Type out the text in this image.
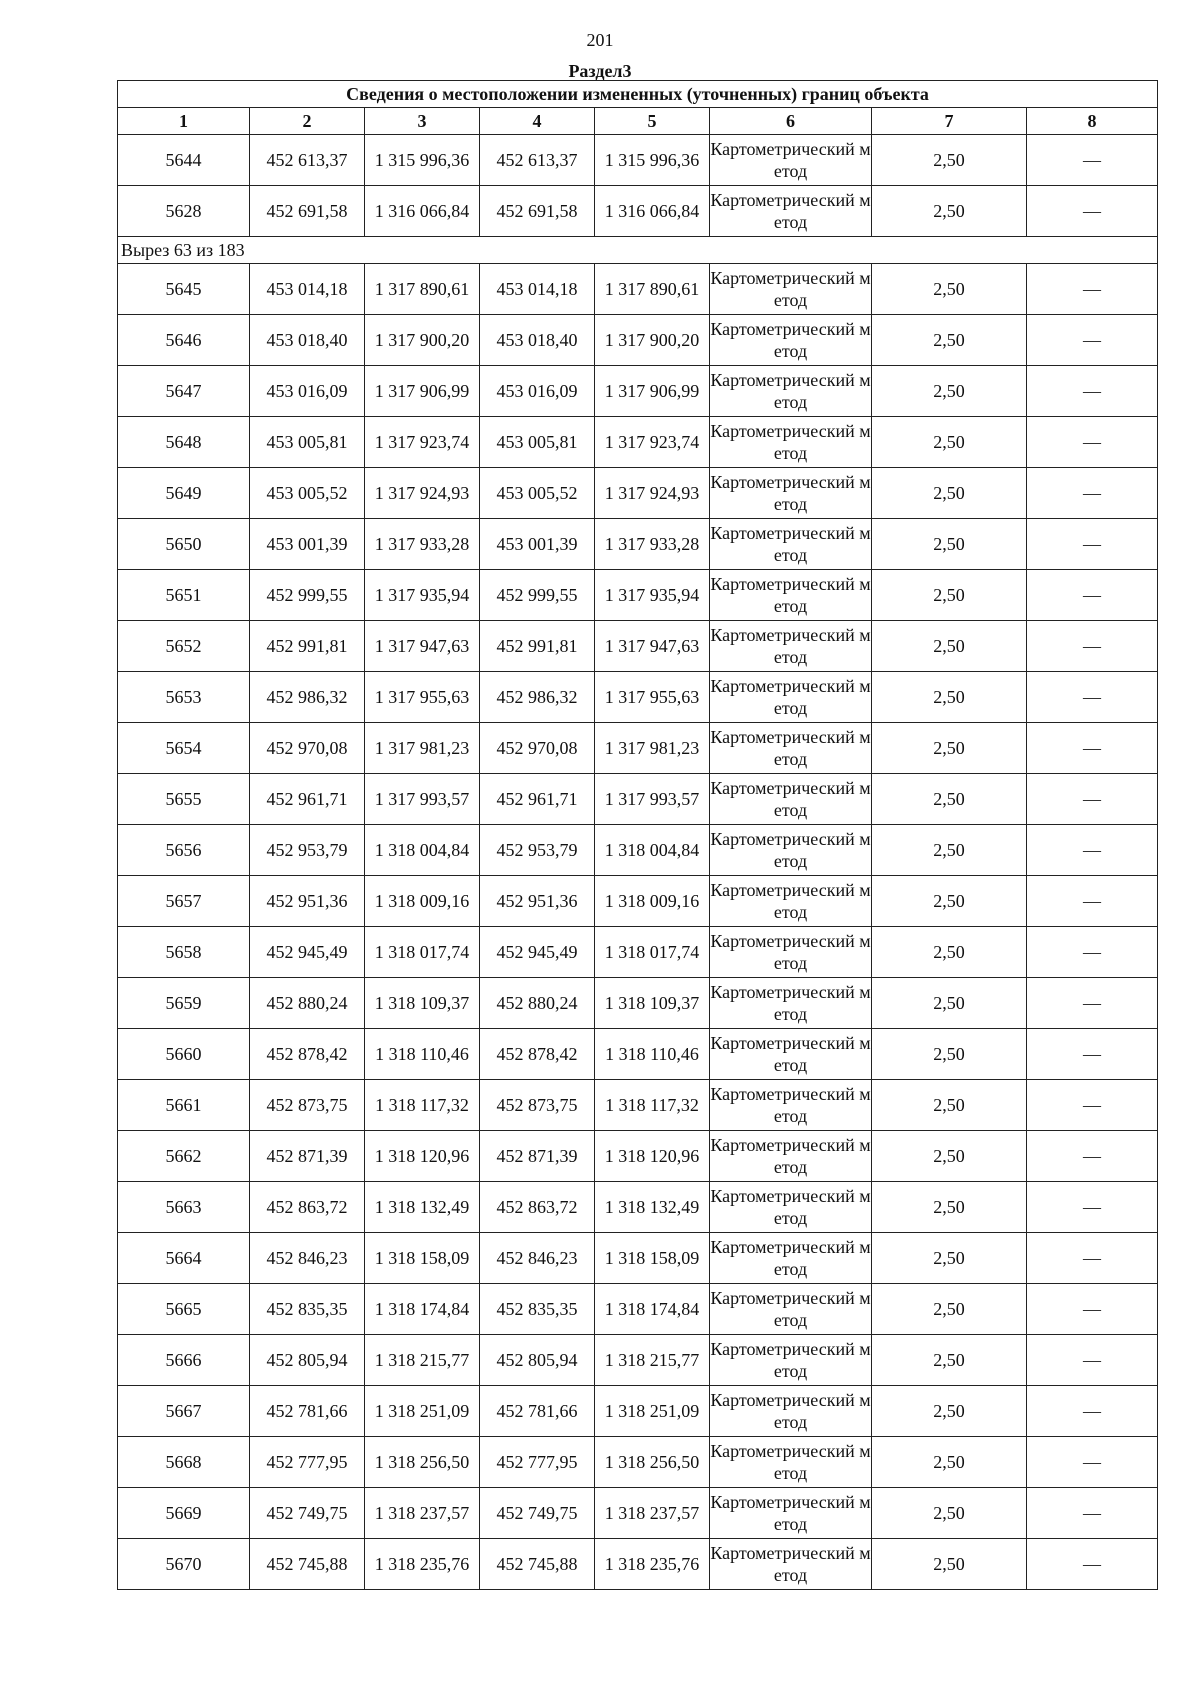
201
Раздел3
Сведения о местоположении измененных (уточненных) границ объекта							
1	2	3	4	5	6	7	8
5644	452 613,37	1 315 996,36	452 613,37	1 315 996,36	Картометрический метод	2,50	—
5628	452 691,58	1 316 066,84	452 691,58	1 316 066,84	Картометрический метод	2,50	—
Вырез 63 из 183							
5645	453 014,18	1 317 890,61	453 014,18	1 317 890,61	Картометрический метод	2,50	—
5646	453 018,40	1 317 900,20	453 018,40	1 317 900,20	Картометрический метод	2,50	—
5647	453 016,09	1 317 906,99	453 016,09	1 317 906,99	Картометрический метод	2,50	—
5648	453 005,81	1 317 923,74	453 005,81	1 317 923,74	Картометрический метод	2,50	—
5649	453 005,52	1 317 924,93	453 005,52	1 317 924,93	Картометрический метод	2,50	—
5650	453 001,39	1 317 933,28	453 001,39	1 317 933,28	Картометрический метод	2,50	—
5651	452 999,55	1 317 935,94	452 999,55	1 317 935,94	Картометрический метод	2,50	—
5652	452 991,81	1 317 947,63	452 991,81	1 317 947,63	Картометрический метод	2,50	—
5653	452 986,32	1 317 955,63	452 986,32	1 317 955,63	Картометрический метод	2,50	—
5654	452 970,08	1 317 981,23	452 970,08	1 317 981,23	Картометрический метод	2,50	—
5655	452 961,71	1 317 993,57	452 961,71	1 317 993,57	Картометрический метод	2,50	—
5656	452 953,79	1 318 004,84	452 953,79	1 318 004,84	Картометрический метод	2,50	—
5657	452 951,36	1 318 009,16	452 951,36	1 318 009,16	Картометрический метод	2,50	—
5658	452 945,49	1 318 017,74	452 945,49	1 318 017,74	Картометрический метод	2,50	—
5659	452 880,24	1 318 109,37	452 880,24	1 318 109,37	Картометрический метод	2,50	—
5660	452 878,42	1 318 110,46	452 878,42	1 318 110,46	Картометрический метод	2,50	—
5661	452 873,75	1 318 117,32	452 873,75	1 318 117,32	Картометрический метод	2,50	—
5662	452 871,39	1 318 120,96	452 871,39	1 318 120,96	Картометрический метод	2,50	—
5663	452 863,72	1 318 132,49	452 863,72	1 318 132,49	Картометрический метод	2,50	—
5664	452 846,23	1 318 158,09	452 846,23	1 318 158,09	Картометрический метод	2,50	—
5665	452 835,35	1 318 174,84	452 835,35	1 318 174,84	Картометрический метод	2,50	—
5666	452 805,94	1 318 215,77	452 805,94	1 318 215,77	Картометрический метод	2,50	—
5667	452 781,66	1 318 251,09	452 781,66	1 318 251,09	Картометрический метод	2,50	—
5668	452 777,95	1 318 256,50	452 777,95	1 318 256,50	Картометрический метод	2,50	—
5669	452 749,75	1 318 237,57	452 749,75	1 318 237,57	Картометрический метод	2,50	—
5670	452 745,88	1 318 235,76	452 745,88	1 318 235,76	Картометрический метод	2,50	—
